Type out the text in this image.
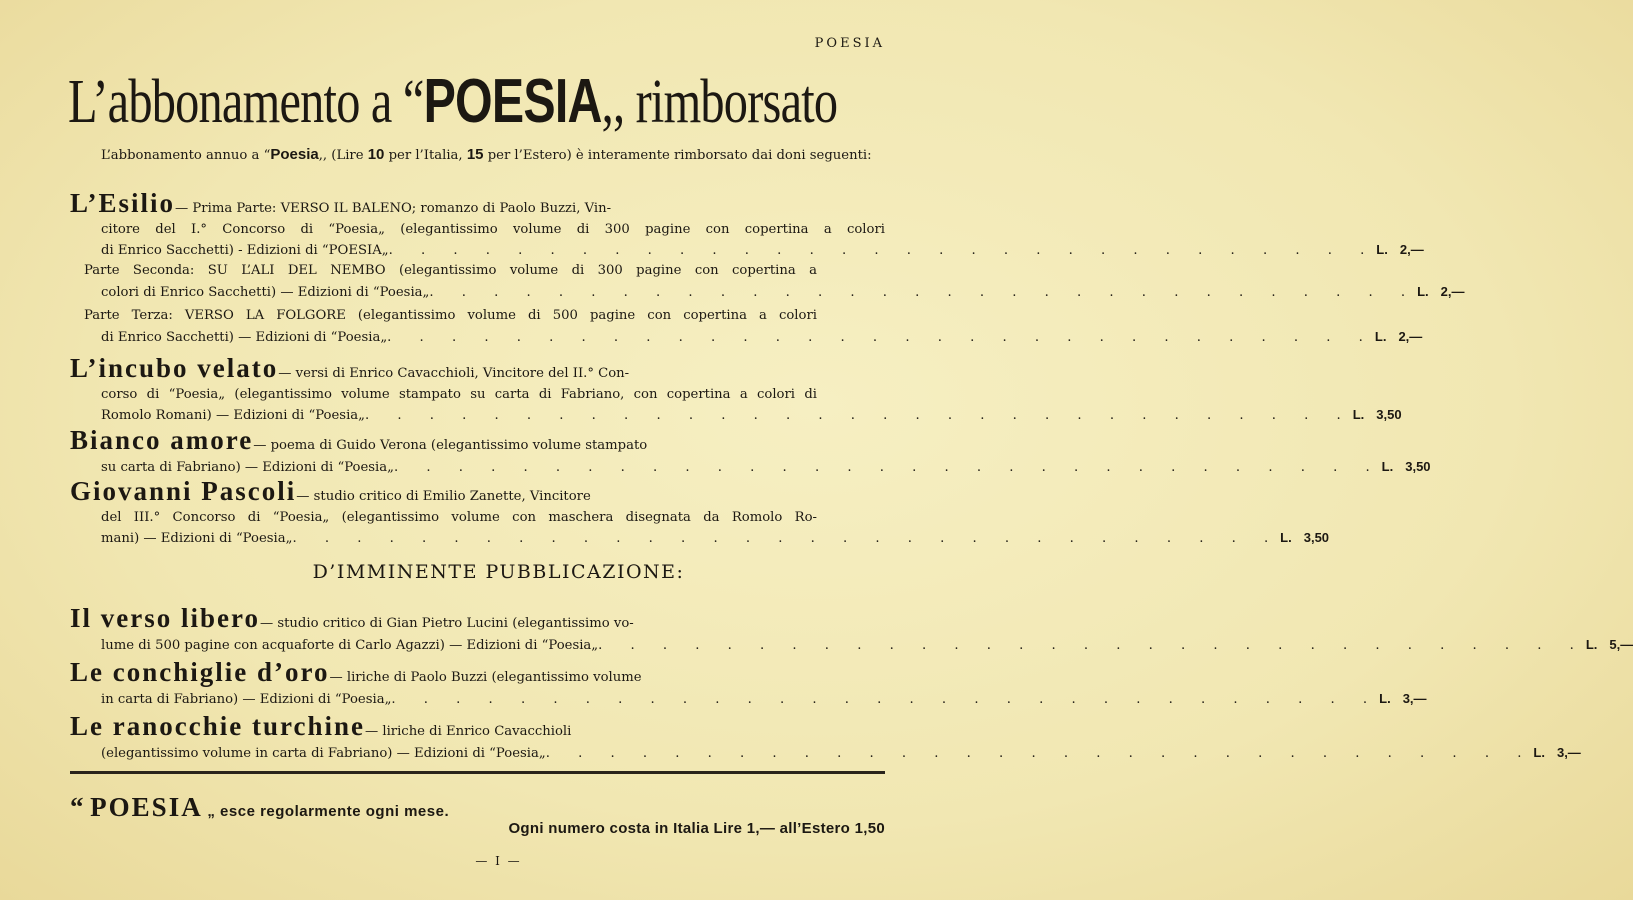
POESIA
L’abbonamento a “POESIA,, rimborsato
L’abbonamento annuo a “Poesia,, (Lire 10 per l’Italia, 15 per l’Estero) è interamente rimborsato dai doni seguenti:
L’Esilio — Prima Parte: VERSO IL BALENO; romanzo di Paolo Buzzi, Vin-
citore del I.° Concorso di “Poesia„ (elegantissimo volume di 300 pagine con copertina a colori
di Enrico Sacchetti) - Edizioni di “POESIA„ . . . . . . . . . . . . . . . . . . . . . . . . . . . . . . . L. 2,—
Parte Seconda: SU L’ALI DEL NEMBO (elegantissimo volume di 300 pagine con copertina a
colori di Enrico Sacchetti) — Edizioni di “Poesia„ . . . . . . . . . . . . . . . . . . . . . . . . . . . . . . . L. 2,—
Parte Terza: VERSO LA FOLGORE (elegantissimo volume di 500 pagine con copertina a colori
di Enrico Sacchetti) — Edizioni di “Poesia„ . . . . . . . . . . . . . . . . . . . . . . . . . . . . . . . L. 2,—
L’incubo velato — versi di Enrico Cavacchioli, Vincitore del II.° Con-
corso di “Poesia„ (elegantissimo volume stampato su carta di Fabriano, con copertina a colori di
Romolo Romani) — Edizioni di “Poesia„ . . . . . . . . . . . . . . . . . . . . . . . . . . . . . . . L. 3,50
Bianco amore — poema di Guido Verona (elegantissimo volume stampato
su carta di Fabriano) — Edizioni di “Poesia„ . . . . . . . . . . . . . . . . . . . . . . . . . . . . . . . L. 3,50
Giovanni Pascoli — studio critico di Emilio Zanette, Vincitore
del III.° Concorso di “Poesia„ (elegantissimo volume con maschera disegnata da Romolo Ro-
mani) — Edizioni di “Poesia„ . . . . . . . . . . . . . . . . . . . . . . . . . . . . . . . L. 3,50
D’IMMINENTE PUBBLICAZIONE:
Il verso libero — studio critico di Gian Pietro Lucini (elegantissimo vo-
lume di 500 pagine con acquaforte di Carlo Agazzi) — Edizioni di “Poesia„ . . . . . . . . . . . . . . . . . . . . . . . . . . . . . . . L. 5,—
Le conchiglie d’oro — liriche di Paolo Buzzi (elegantissimo volume
in carta di Fabriano) — Edizioni di “Poesia„ . . . . . . . . . . . . . . . . . . . . . . . . . . . . . . . L. 3,—
Le ranocchie turchine — liriche di Enrico Cavacchioli
(elegantissimo volume in carta di Fabriano) — Edizioni di “Poesia„ . . . . . . . . . . . . . . . . . . . . . . . . . . . . . . . L. 3,—
“ POESIA „ esce regolarmente ogni mese.
Ogni numero costa in Italia Lire 1,— all’Estero 1,50
— I —
